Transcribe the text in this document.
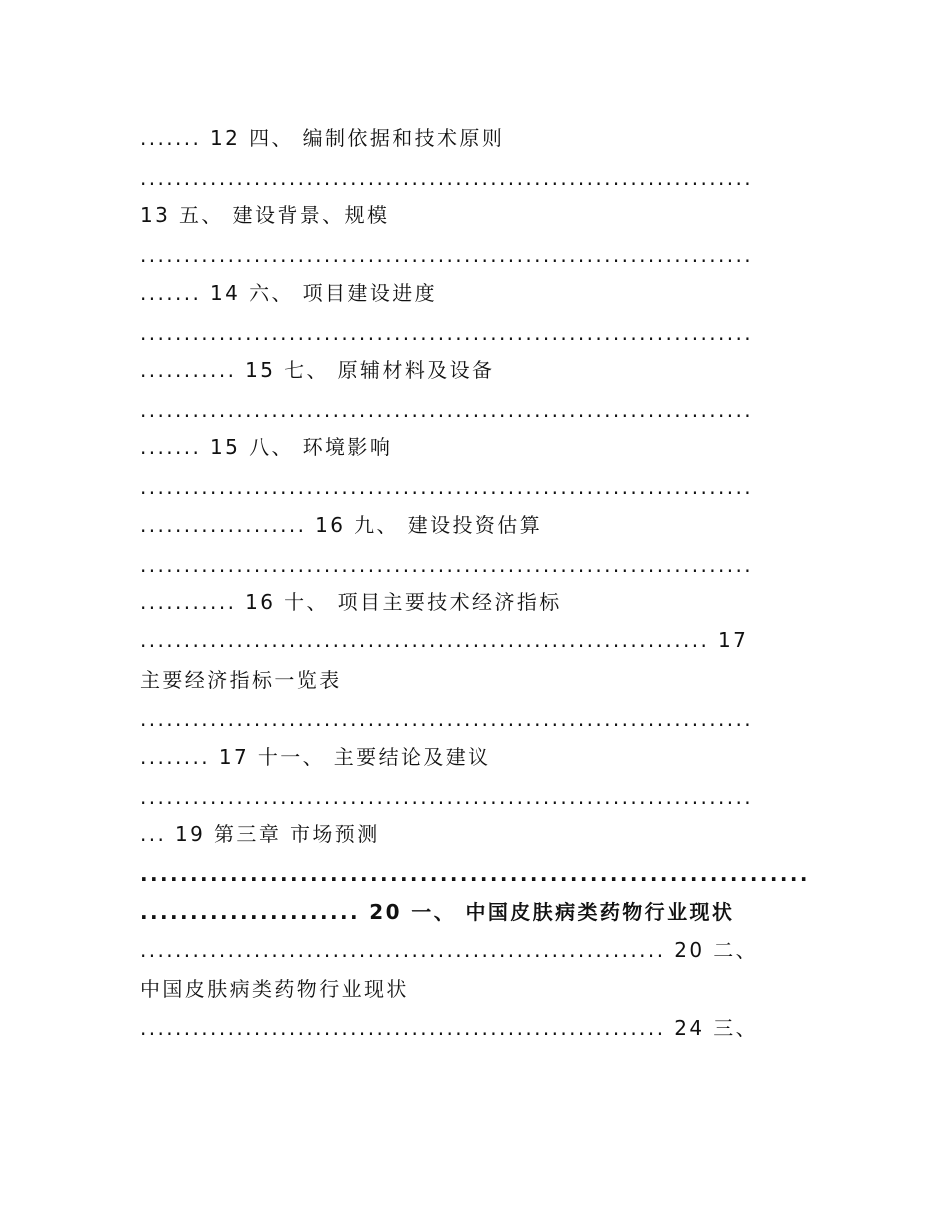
....... 12 四、 编制依据和技术原则

......................................................................

13 五、 建设背景、规模

......................................................................

....... 14 六、 项目建设进度

......................................................................

........... 15 七、 原辅材料及设备

......................................................................

....... 15 八、 环境影响

......................................................................

................... 16 九、 建设投资估算

......................................................................

........... 16 十、 项目主要技术经济指标

................................................................. 17

主要经济指标一览表

......................................................................

........ 17 十一、 主要结论及建议

......................................................................

... 19 第三章 市场预测

...................................................................

...................... 20 一、 中国皮肤病类药物行业现状

............................................................ 20 二、

中国皮肤病类药物行业现状

............................................................ 24 三、
